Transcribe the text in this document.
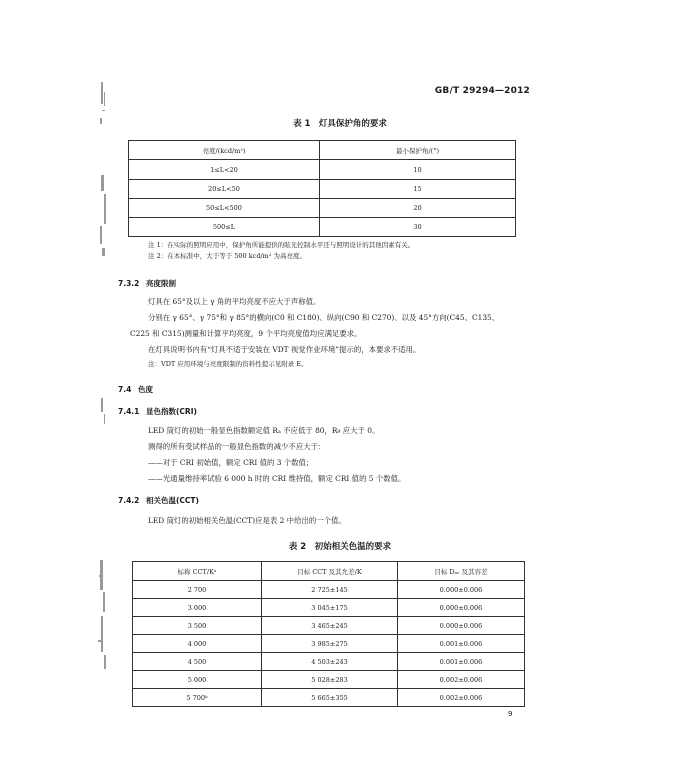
GB/T 29294—2012
表 1　灯具保护角的要求
亮度/(kcd/m²)	最小保护角/(°)
1≤L<20	10
20≤L<50	15
50≤L<500	20
500≤L	30
注 1：在实际的照明应用中，保护角所能提供的眩光控制水平还与照明设计的其他因素有关。
注 2：在本标准中，大于等于 500 kcd/m² 为高亮度。
7.3.2 亮度限制
灯具在 65°及以上 γ 角的平均亮度不应大于声称值。
分别在 γ 65°、γ 75°和 γ 85°的横向(C0 和 C180)、纵向(C90 和 C270)、以及 45°方向(C45、C135、
C225 和 C315)测量和计算平均亮度，9 个平均亮度值均应满足要求。
在灯具说明书内有“灯具不适于安装在 VDT 视觉作业环境”提示的，本要求不适用。
注：VDT 应用环境与亮度限制的资料性提示见附录 E。
7.4 色度
7.4.1 显色指数(CRI)
LED 筒灯的初始一般显色指数额定值 Rₐ 不应低于 80，R₉ 应大于 0。
测得的所有受试样品的一般显色指数的减少不应大于：
——对于 CRI 初始值，额定 CRI 值的 3 个数值；
——光通量维持率试验 6 000 h 时的 CRI 维持值，额定 CRI 值的 5 个数值。
7.4.2 相关色温(CCT)
LED 筒灯的初始相关色温(CCT)应是表 2 中给出的一个值。
表 2　初始相关色温的要求
标称 CCT/Kᵃ	目标 CCT 及其允差/K	目标 Dᵤᵥ 及其容差
2 700	2 725±145	0.000±0.006
3 000	3 045±175	0.000±0.006
3 500	3 465±245	0.000±0.006
4 000	3 985±275	0.001±0.006
4 500	4 503±243	0.001±0.006
5 000	5 028±283	0.002±0.006
5 700ᵇ	5 665±355	0.002±0.006
9
